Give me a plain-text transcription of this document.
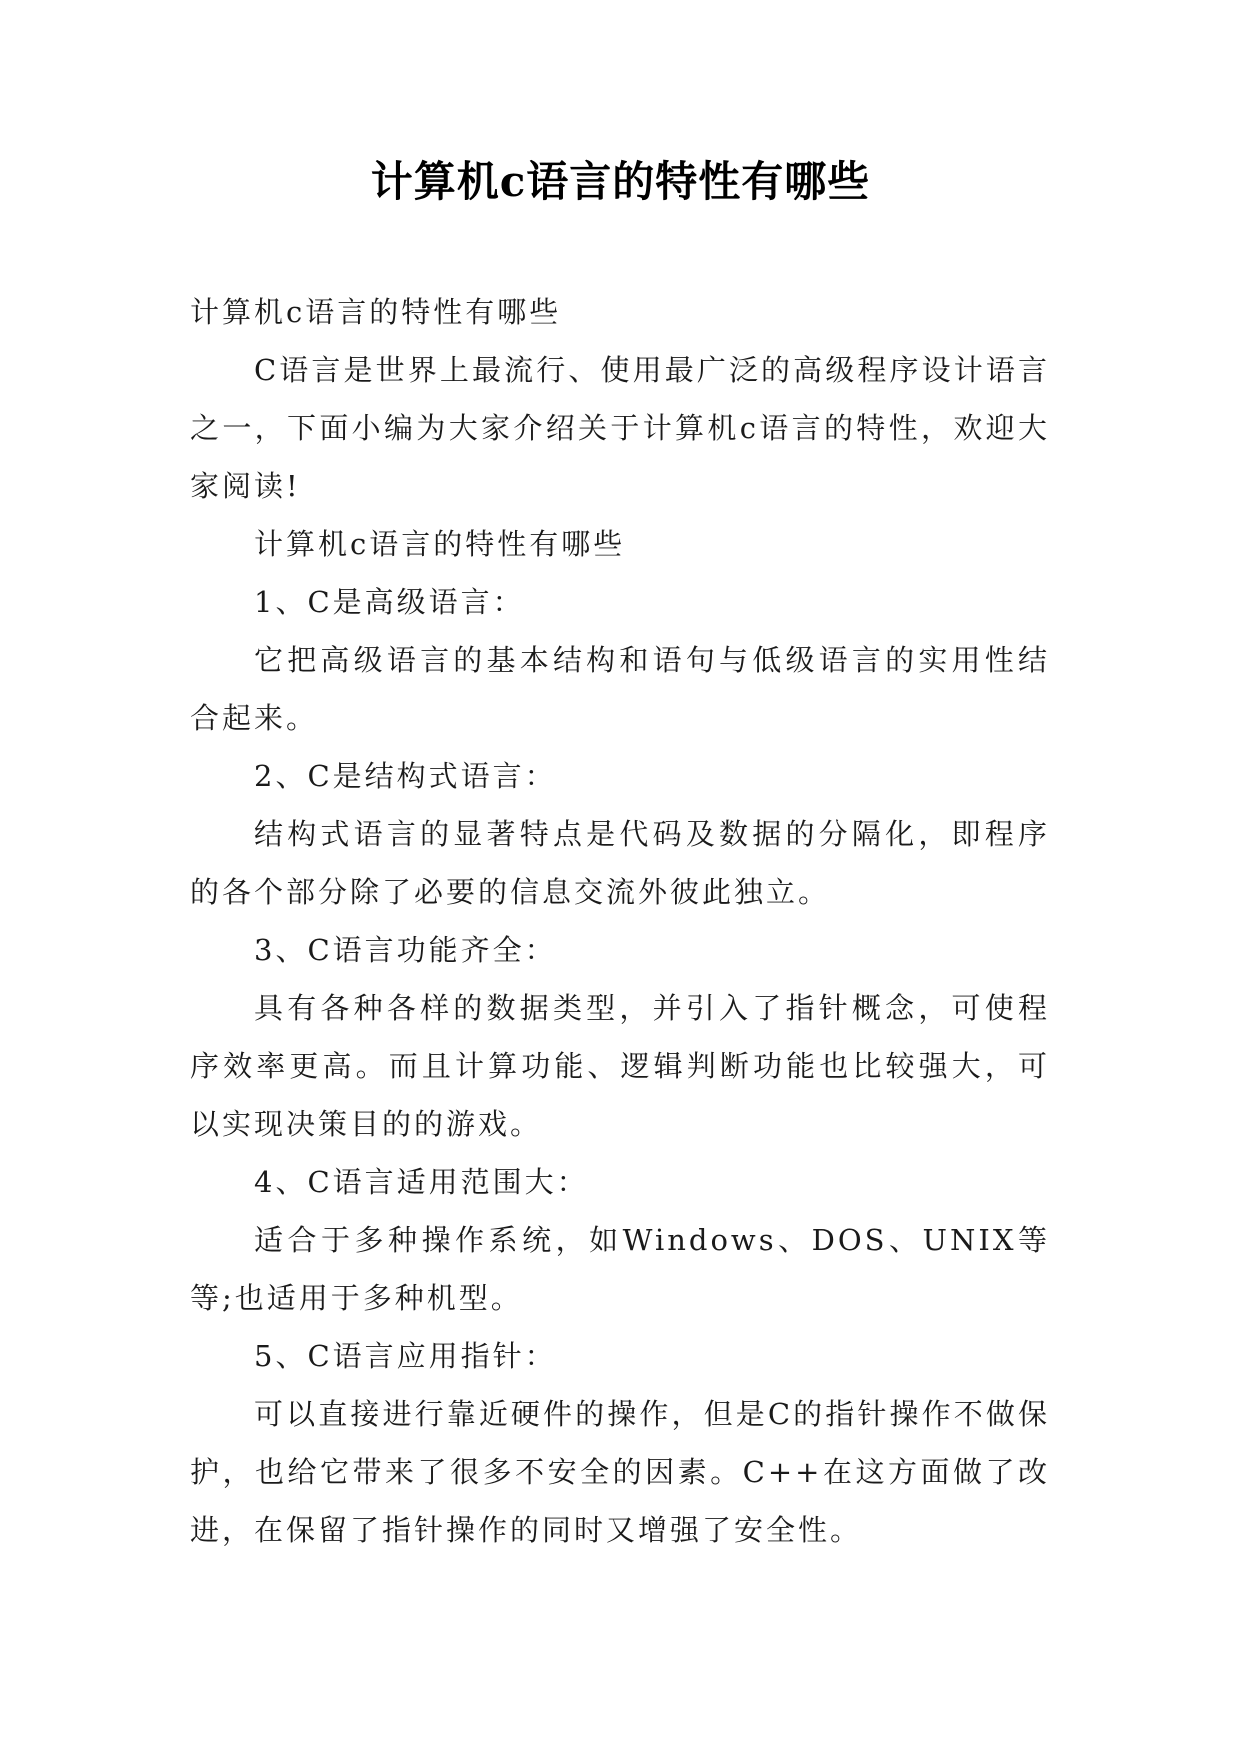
计算机c语言的特性有哪些

计算机c语言的特性有哪些

C语言是世界上最流行、使用最广泛的高级程序设计语言之一，下面小编为大家介绍关于计算机c语言的特性，欢迎大家阅读!

计算机c语言的特性有哪些

1、C是高级语言：

它把高级语言的基本结构和语句与低级语言的实用性结合起来。

2、C是结构式语言：

结构式语言的显著特点是代码及数据的分隔化，即程序的各个部分除了必要的信息交流外彼此独立。

3、C语言功能齐全：

具有各种各样的数据类型，并引入了指针概念，可使程序效率更高。而且计算功能、逻辑判断功能也比较强大，可以实现决策目的的游戏。

4、C语言适用范围大：

适合于多种操作系统，如Windows、DOS、UNIX等等;也适用于多种机型。

5、C语言应用指针：

可以直接进行靠近硬件的操作，但是C的指针操作不做保护，也给它带来了很多不安全的因素。C++在这方面做了改进，在保留了指针操作的同时又增强了安全性。
